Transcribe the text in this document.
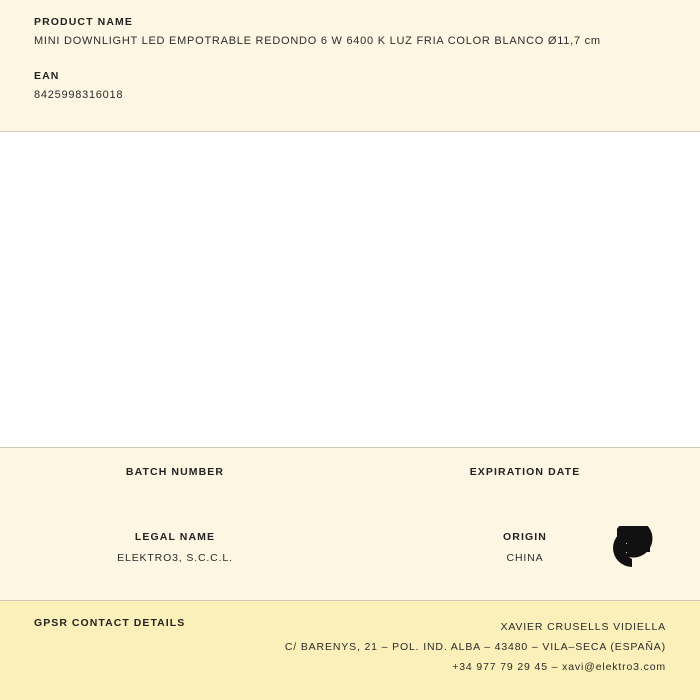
PRODUCT NAME

MINI DOWNLIGHT LED EMPOTRABLE REDONDO 6 W 6400 K LUZ FRIA COLOR BLANCO Ø11,7 cm

EAN

8425998316018

BATCH NUMBER	EXPIRATION DATE
LEGAL NAME
ELEKTRO3, S.C.C.L.
ORIGIN
CHINA
GPSR CONTACT DETAILS	XAVIER CRUSELLS VIDIELLA
C/ BARENYS, 21 – POL. IND. ALBA – 43480 – VILA–SECA (ESPAÑA)
+34 977 79 29 45 – xavi@elektro3.com
